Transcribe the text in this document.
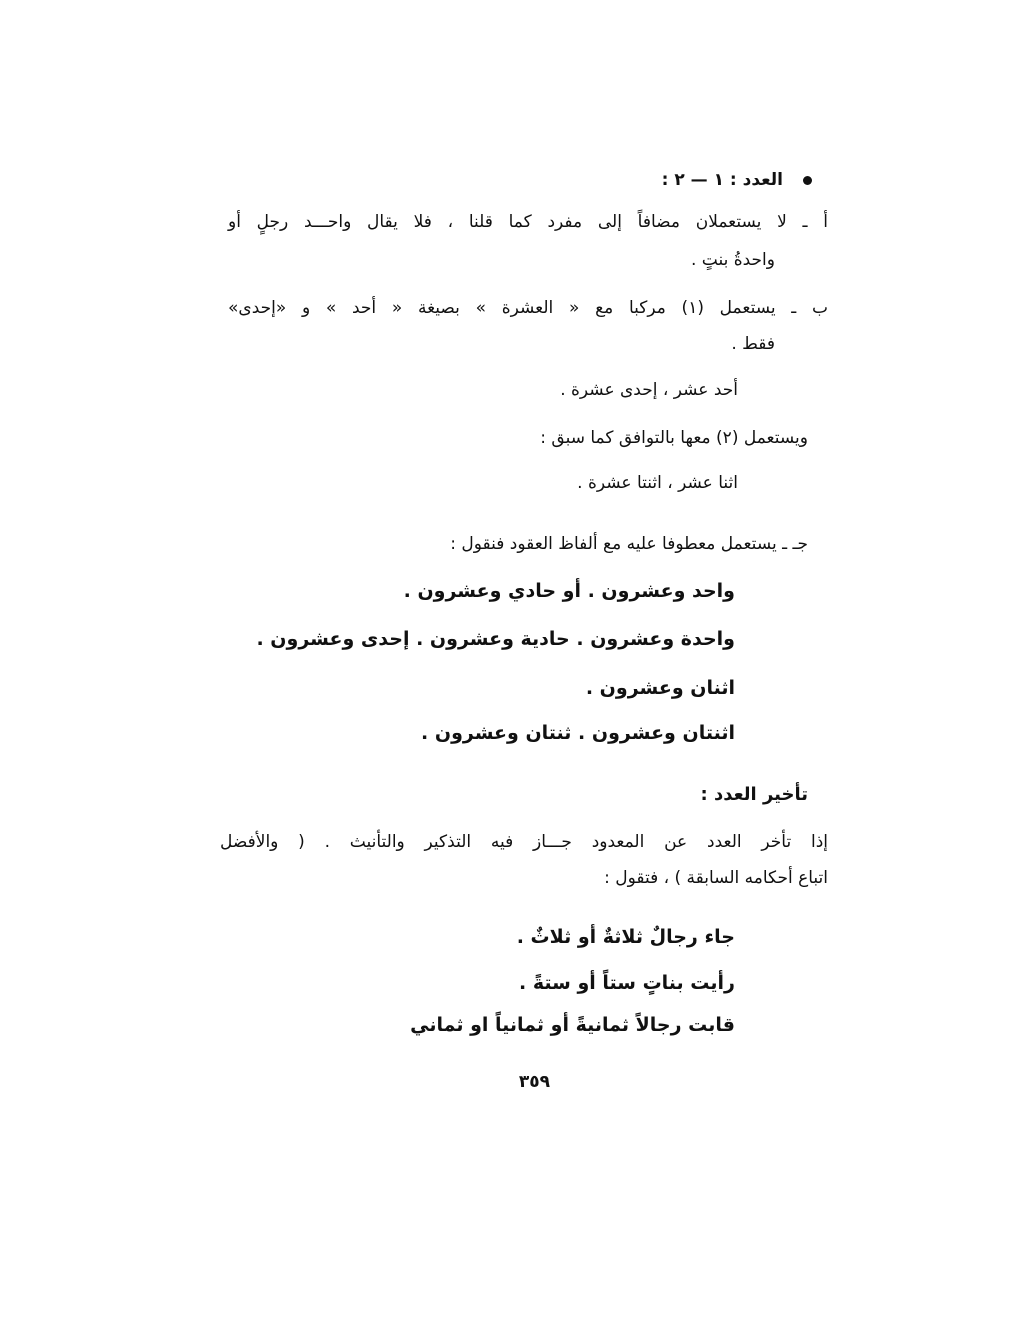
العدد : ١ — ٢ :
أ ـ لا يستعملان مضافاً إلى مفرد كما قلنا ، فلا يقال واحـــد رجلٍ أو
واحدةُ بنتٍ .
ب ـ يستعمل (١) مركبا مع « العشرة » بصيغة « أحد » و «إحدى»
فقط .
أحد عشر ، إحدى عشرة .
ويستعمل (٢) معها بالتوافق كما سبق :
اثنا عشر ، اثنتا عشرة .
جـ ـ يستعمل معطوفا عليه مع ألفاظ العقود فنقول :
واحد وعشرون . أو حادي وعشرون .
واحدة وعشرون . حادية وعشرون . إحدى وعشرون .
اثنان وعشرون .
اثنتان وعشرون . ثنتان وعشرون .
تأخير العدد :
إذا تأخر العدد عن المعدود جـــاز فيه التذكير والتأنيث . ( والأفضل
اتباع أحكامه السابقة ) ، فتقول :
جاء رجالٌ ثلاثةٌ أو ثلاثٌ .
رأيت بناتٍ ستاً أو ستةً .
قابت رجالاً ثمانيةً أو ثمانياً او ثماني
٣٥٩
